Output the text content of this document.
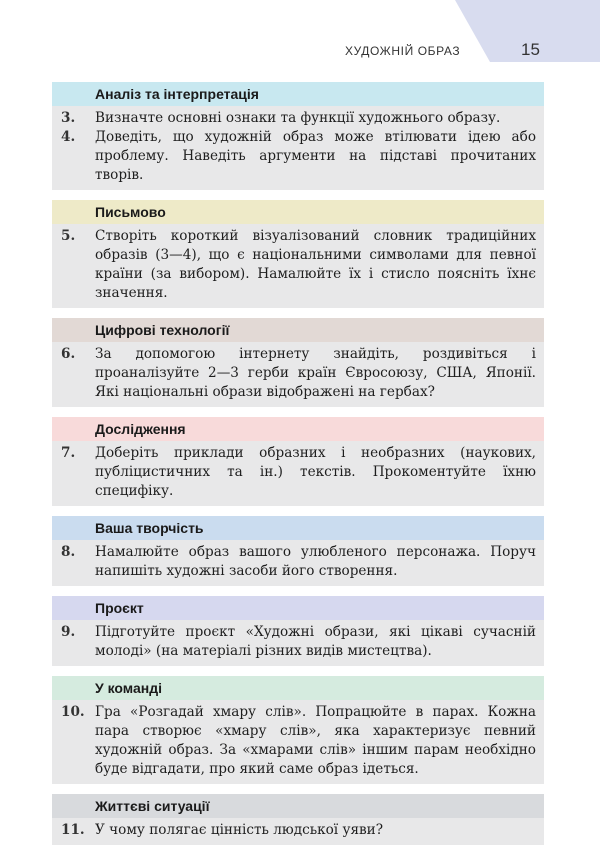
ХУДОЖНІЙ ОБРАЗ	15
Аналіз та інтерпретація
3.	Визначте основні ознаки та функції художнього образу.
4.	Доведіть, що художній образ може втілювати ідею або проблему. Наведіть аргументи на підставі прочитаних творів.
Письмово
5.	Створіть короткий візуалізований словник традиційних образів (3—4), що є національними символами для певної країни (за вибором). Намалюйте їх і стисло поясніть їхнє значення.
Цифрові технології
6.	За допомогою інтернету знайдіть, роздивіться і проаналізуйте 2—3 герби країн Євросоюзу, США, Японії. Які національні образи відображені на гербах?
Дослідження
7.	Доберіть приклади образних і необразних (наукових, публіцистичних та ін.) текстів. Прокоментуйте їхню специфіку.
Ваша творчість
8.	Намалюйте образ вашого улюбленого персонажа. Поруч напишіть художні засоби його створення.
Проєкт
9.	Підготуйте проєкт «Художні образи, які цікаві сучасній молоді» (на матеріалі різних видів мистецтва).
У команді
10. Гра «Розгадай хмару слів». Попрацюйте в парах. Кожна пара створює «хмару слів», яка характеризує певний художній образ. За «хмарами слів» іншим парам необхідно буде відгадати, про який саме образ ідеться.
Життєві ситуації
11. У чому полягає цінність людської уяви?
